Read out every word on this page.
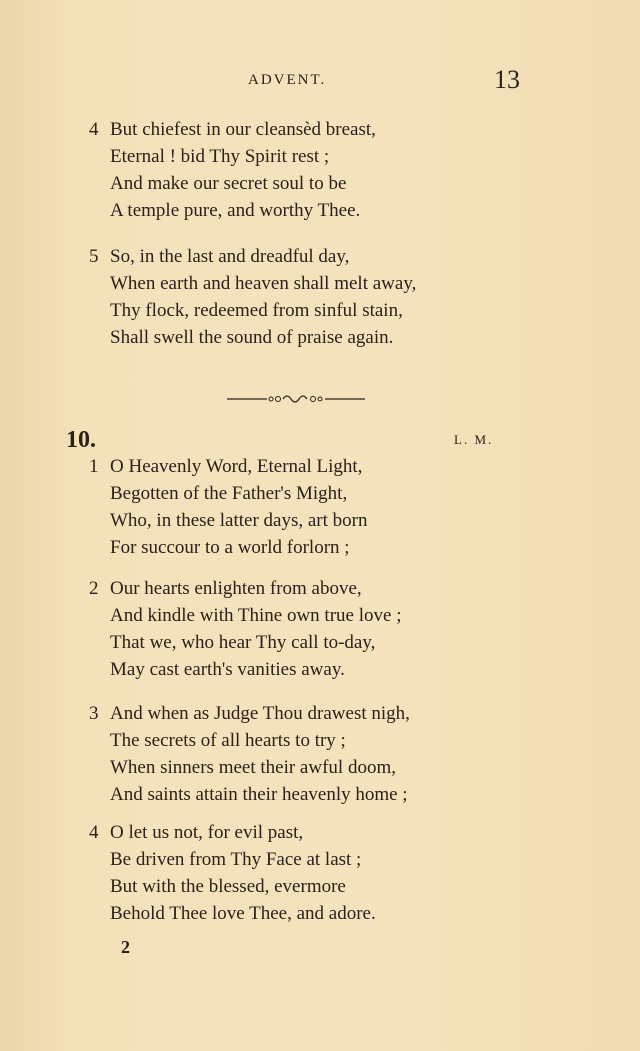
ADVENT.	13
4 But chiefest in our cleansèd breast,
Eternal ! bid Thy Spirit rest ;
And make our secret soul to be
A temple pure, and worthy Thee.
5 So, in the last and dreadful day,
When earth and heaven shall melt away,
Thy flock, redeemed from sinful stain,
Shall swell the sound of praise again.
10.	L. M.
1 O Heavenly Word, Eternal Light,
Begotten of the Father's Might,
Who, in these latter days, art born
For succour to a world forlorn ;
2 Our hearts enlighten from above,
And kindle with Thine own true love ;
That we, who hear Thy call to-day,
May cast earth's vanities away.
3 And when as Judge Thou drawest nigh,
The secrets of all hearts to try ;
When sinners meet their awful doom,
And saints attain their heavenly home ;
4 O let us not, for evil past,
Be driven from Thy Face at last ;
But with the blessed, evermore
Behold Thee love Thee, and adore.
2
